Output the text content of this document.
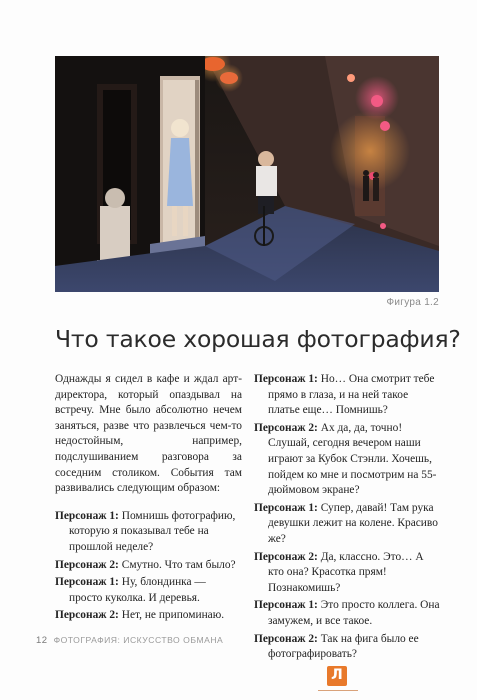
Фигура 1.2
Что такое хорошая фотография?

Однажды я сидел в кафе и ждал арт-директора, который опаздывал на встречу. Мне было абсолютно нечем заняться, разве что развлечься чем-то недостойным, например, подслушиванием разговора за соседним столиком. События там развивались следующим образом:

Персонаж 1: Помнишь фотографию, которую я показывал тебе на прошлой неделе?

Персонаж 2: Смутно. Что там было?

Персонаж 1: Ну, блондинка — просто куколка. И деревья.

Персонаж 2: Нет, не припоминаю.

Персонаж 1: Но… Она смотрит тебе прямо в глаза, и на ней такое платье еще… Помнишь?

Персонаж 2: Ах да, да, точно! Слушай, сегодня вечером наши играют за Кубок Стэнли. Хочешь, пойдем ко мне и посмотрим на 55-дюймовом экране?

Персонаж 1: Супер, давай! Там рука девушки лежит на колене. Красиво же?

Персонаж 2: Да, классно. Это… А кто она? Красотка прям! Познакомишь?

Персонаж 1: Это просто коллега. Она замужем, и все такое.

Персонаж 2: Так на фига было ее фотографировать?

12 ФОТОГРАФИЯ: ИСКУССТВО ОБМАНА
Л
